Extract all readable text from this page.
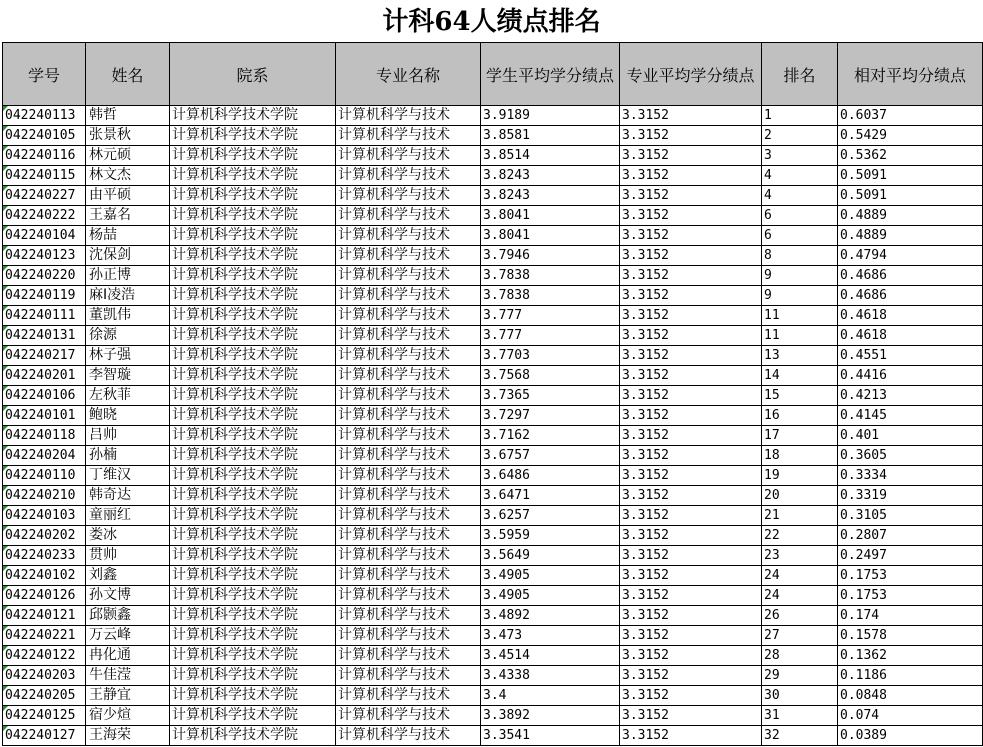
计科64人绩点排名
学号	姓名	院系	专业名称	学生平均学分绩点	专业平均学分绩点	排名	相对平均分绩点
042240113	韩哲	计算机科学技术学院	计算机科学与技术	3.9189	3.3152	1	0.6037
042240105	张景秋	计算机科学技术学院	计算机科学与技术	3.8581	3.3152	2	0.5429
042240116	林元硕	计算机科学技术学院	计算机科学与技术	3.8514	3.3152	3	0.5362
042240115	林文杰	计算机科学技术学院	计算机科学与技术	3.8243	3.3152	4	0.5091
042240227	由平硕	计算机科学技术学院	计算机科学与技术	3.8243	3.3152	4	0.5091
042240222	王嘉名	计算机科学技术学院	计算机科学与技术	3.8041	3.3152	6	0.4889
042240104	杨喆	计算机科学技术学院	计算机科学与技术	3.8041	3.3152	6	0.4889
042240123	沈保剑	计算机科学技术学院	计算机科学与技术	3.7946	3.3152	8	0.4794
042240220	孙正博	计算机科学技术学院	计算机科学与技术	3.7838	3.3152	9	0.4686
042240119	麻I凌浩	计算机科学技术学院	计算机科学与技术	3.7838	3.3152	9	0.4686
042240111	董凯伟	计算机科学技术学院	计算机科学与技术	3.777	3.3152	11	0.4618
042240131	徐源	计算机科学技术学院	计算机科学与技术	3.777	3.3152	11	0.4618
042240217	林子强	计算机科学技术学院	计算机科学与技术	3.7703	3.3152	13	0.4551
042240201	李智璇	计算机科学技术学院	计算机科学与技术	3.7568	3.3152	14	0.4416
042240106	左秋菲	计算机科学技术学院	计算机科学与技术	3.7365	3.3152	15	0.4213
042240101	鲍晓	计算机科学技术学院	计算机科学与技术	3.7297	3.3152	16	0.4145
042240118	吕帅	计算机科学技术学院	计算机科学与技术	3.7162	3.3152	17	0.401
042240204	孙楠	计算机科学技术学院	计算机科学与技术	3.6757	3.3152	18	0.3605
042240110	丁维汉	计算机科学技术学院	计算机科学与技术	3.6486	3.3152	19	0.3334
042240210	韩奇达	计算机科学技术学院	计算机科学与技术	3.6471	3.3152	20	0.3319
042240103	童丽红	计算机科学技术学院	计算机科学与技术	3.6257	3.3152	21	0.3105
042240202	娄冰	计算机科学技术学院	计算机科学与技术	3.5959	3.3152	22	0.2807
042240233	贯帅	计算机科学技术学院	计算机科学与技术	3.5649	3.3152	23	0.2497
042240102	刘鑫	计算机科学技术学院	计算机科学与技术	3.4905	3.3152	24	0.1753
042240126	孙文博	计算机科学技术学院	计算机科学与技术	3.4905	3.3152	24	0.1753
042240121	邱颢鑫	计算机科学技术学院	计算机科学与技术	3.4892	3.3152	26	0.174
042240221	万云峰	计算机科学技术学院	计算机科学与技术	3.473	3.3152	27	0.1578
042240122	冉化通	计算机科学技术学院	计算机科学与技术	3.4514	3.3152	28	0.1362
042240203	牛佳滢	计算机科学技术学院	计算机科学与技术	3.4338	3.3152	29	0.1186
042240205	王静宜	计算机科学技术学院	计算机科学与技术	3.4	3.3152	30	0.0848
042240125	宿少煊	计算机科学技术学院	计算机科学与技术	3.3892	3.3152	31	0.074
042240127	王海荣	计算机科学技术学院	计算机科学与技术	3.3541	3.3152	32	0.0389
